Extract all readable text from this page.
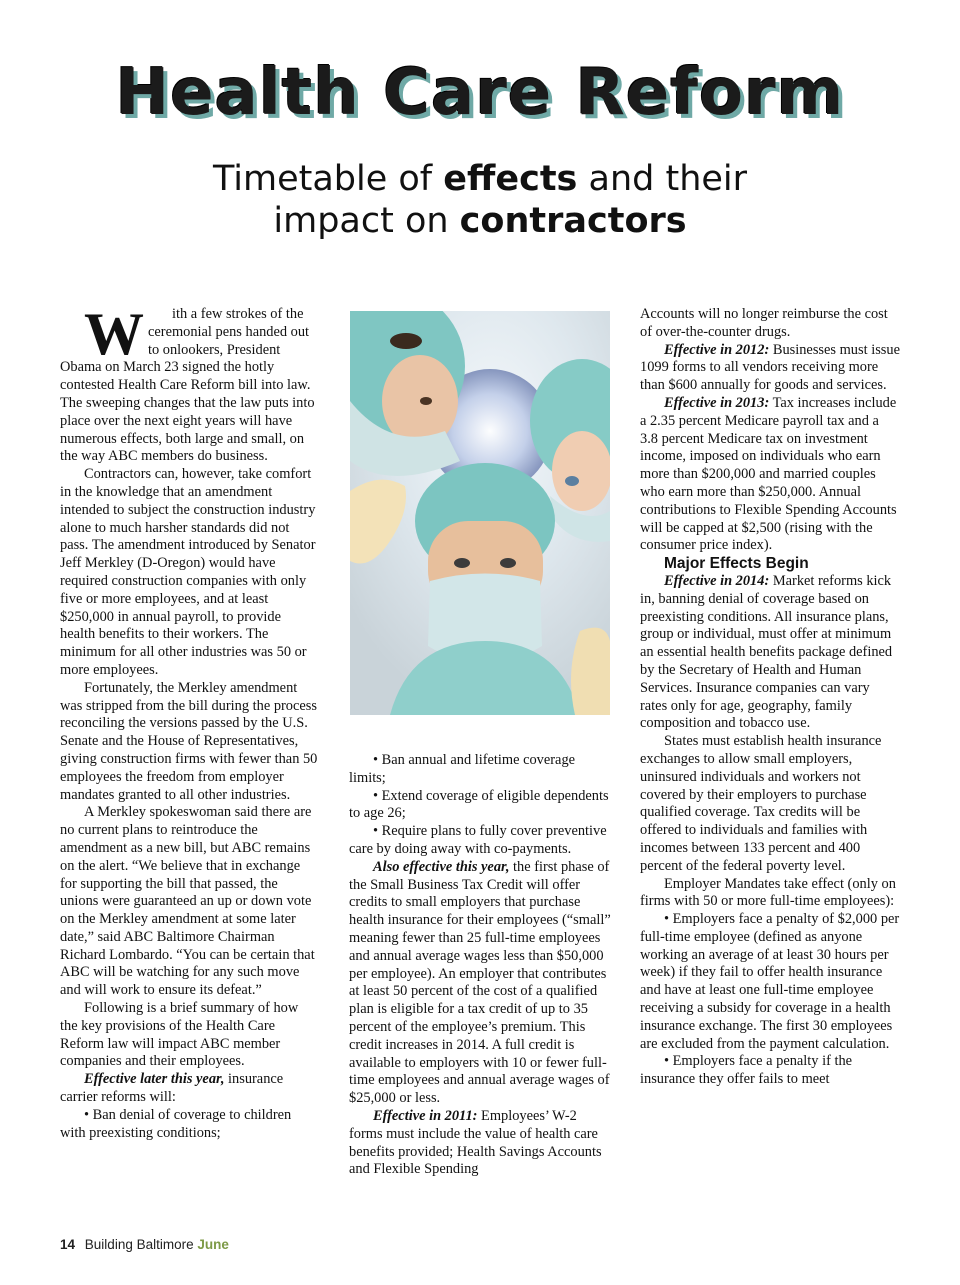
Health Care Reform
Timetable of effects and their
impact on contractors

W ith a few strokes of the ceremonial pens handed out to onlookers, President Obama on March 23 signed the hotly contested Health Care Reform bill into law. The sweeping changes that the law puts into place over the next eight years will have numerous effects, both large and small, on the way ABC members do business.

Contractors can, however, take comfort in the knowledge that an amendment intended to subject the construction industry alone to much harsher standards did not pass. The amendment introduced by Senator Jeff Merkley (D-Oregon) would have required construction companies with only five or more employees, and at least $250,000 in annual payroll, to provide health benefits to their workers. The minimum for all other industries was 50 or more employees.

Fortunately, the Merkley amendment was stripped from the bill during the process reconciling the versions passed by the U.S. Senate and the House of Representatives, giving construction firms with fewer than 50 employees the freedom from employer mandates granted to all other industries.

A Merkley spokeswoman said there are no current plans to reintroduce the amendment as a new bill, but ABC remains on the alert. “We believe that in exchange for supporting the bill that passed, the unions were guaranteed an up or down vote on the Merkley amendment at some later date,” said ABC Baltimore Chairman Richard Lombardo. “You can be certain that ABC will be watching for any such move and will work to ensure its defeat.”

Following is a brief summary of how the key provisions of the Health Care Reform law will impact ABC member companies and their employees.

Effective later this year, insurance carrier reforms will:

• Ban denial of coverage to children with preexisting conditions;

• Ban annual and lifetime coverage limits;

• Extend coverage of eligible dependents to age 26;

• Require plans to fully cover preventive care by doing away with co-payments.

Also effective this year, the first phase of the Small Business Tax Credit will offer credits to small employers that purchase health insurance for their employees (“small” meaning fewer than 25 full-time employees and annual average wages less than $50,000 per employee). An employer that contributes at least 50 percent of the cost of a qualified plan is eligible for a tax credit of up to 35 percent of the employee’s premium. This credit increases in 2014. A full credit is available to employers with 10 or fewer full-time employees and annual average wages of $25,000 or less.

Effective in 2011: Employees’ W-2 forms must include the value of health care benefits provided; Health Savings Accounts and Flexible Spending

Accounts will no longer reimburse the cost of over-the-counter drugs.

Effective in 2012: Businesses must issue 1099 forms to all vendors receiving more than $600 annually for goods and services.

Effective in 2013: Tax increases include a 2.35 percent Medicare payroll tax and a 3.8 percent Medicare tax on investment income, imposed on individuals who earn more than $200,000 and married couples who earn more than $250,000. Annual contributions to Flexible Spending Accounts will be capped at $2,500 (rising with the consumer price index).

Major Effects Begin

Effective in 2014: Market reforms kick in, banning denial of coverage based on preexisting conditions. All insurance plans, group or individual, must offer at minimum an essential health benefits package defined by the Secretary of Health and Human Services. Insurance companies can vary rates only for age, geography, family composition and tobacco use.

States must establish health insurance exchanges to allow small employers, uninsured individuals and workers not covered by their employers to purchase qualified coverage. Tax credits will be offered to individuals and families with incomes between 133 percent and 400 percent of the federal poverty level.

Employer Mandates take effect (only on firms with 50 or more full-time employees):

• Employers face a penalty of $2,000 per full-time employee (defined as anyone working an average of at least 30 hours per week) if they fail to offer health insurance and have at least one full-time employee receiving a subsidy for coverage in a health insurance exchange. The first 30 employees are excluded from the payment calculation.

• Employers face a penalty if the insurance they offer fails to meet

14 Building Baltimore June
